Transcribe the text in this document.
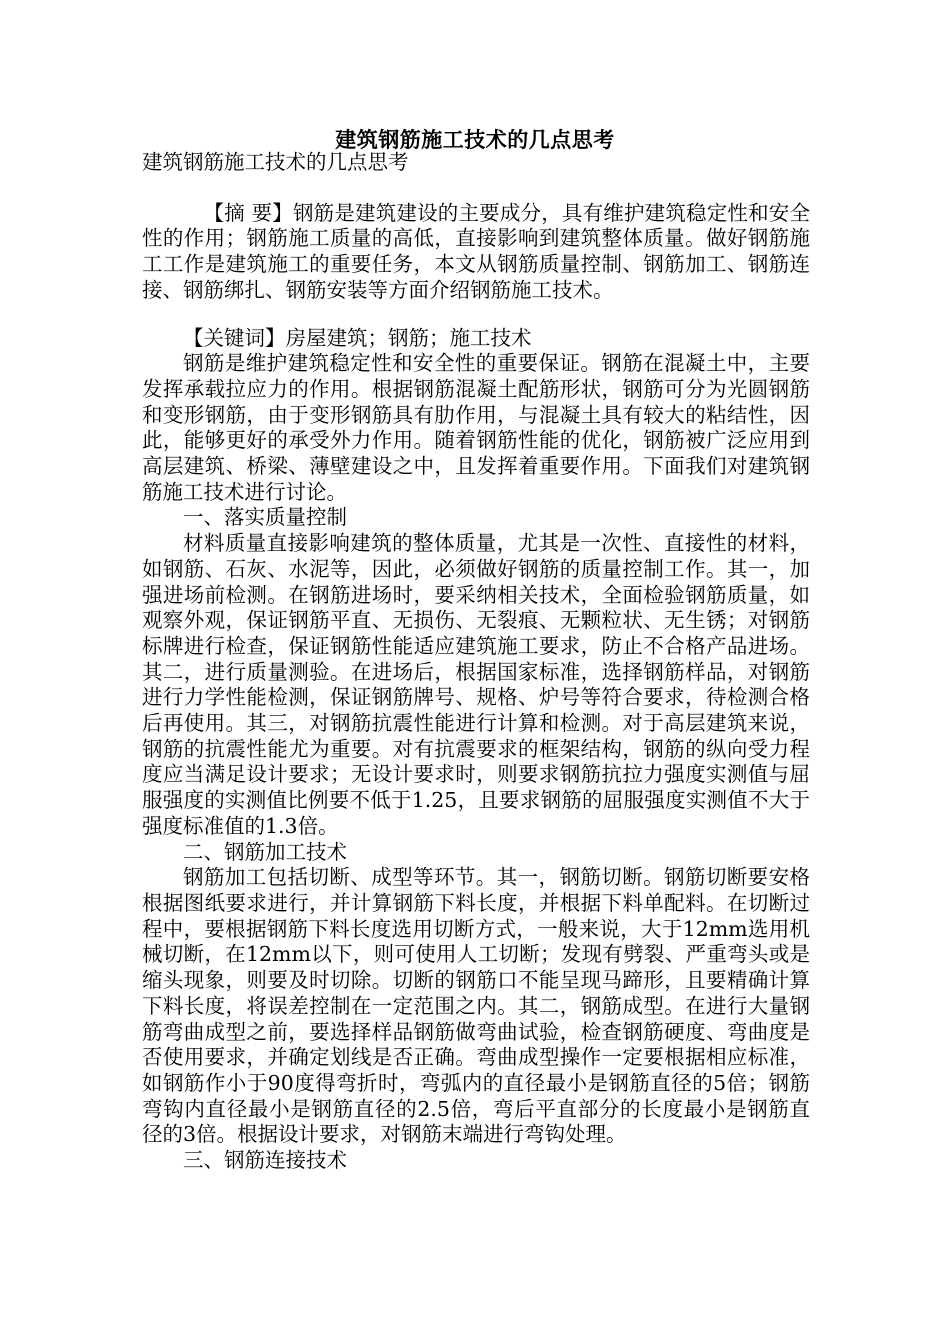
建筑钢筋施工技术的几点思考

建筑钢筋施工技术的几点思考

【摘 要】钢筋是建筑建设的主要成分，具有维护建筑稳定性和安全性的作用；钢筋施工质量的高低，直接影响到建筑整体质量。做好钢筋施工工作是建筑施工的重要任务，本文从钢筋质量控制、钢筋加工、钢筋连接、钢筋绑扎、钢筋安装等方面介绍钢筋施工技术。

【关键词】房屋建筑；钢筋；施工技术

钢筋是维护建筑稳定性和安全性的重要保证。钢筋在混凝土中，主要发挥承载拉应力的作用。根据钢筋混凝土配筋形状，钢筋可分为光圆钢筋和变形钢筋，由于变形钢筋具有肋作用，与混凝土具有较大的粘结性，因此，能够更好的承受外力作用。随着钢筋性能的优化，钢筋被广泛应用到高层建筑、桥梁、薄壁建设之中，且发挥着重要作用。下面我们对建筑钢筋施工技术进行讨论。

一、落实质量控制

材料质量直接影响建筑的整体质量，尤其是一次性、直接性的材料，如钢筋、石灰、水泥等，因此，必须做好钢筋的质量控制工作。其一，加强进场前检测。在钢筋进场时，要采纳相关技术，全面检验钢筋质量，如观察外观，保证钢筋平直、无损伤、无裂痕、无颗粒状、无生锈；对钢筋标牌进行检查，保证钢筋性能适应建筑施工要求，防止不合格产品进场。其二，进行质量测验。在进场后，根据国家标准，选择钢筋样品，对钢筋进行力学性能检测，保证钢筋牌号、规格、炉号等符合要求，待检测合格后再使用。其三，对钢筋抗震性能进行计算和检测。对于高层建筑来说，钢筋的抗震性能尤为重要。对有抗震要求的框架结构，钢筋的纵向受力程度应当满足设计要求；无设计要求时，则要求钢筋抗拉力强度实测值与屈服强度的实测值比例要不低于1.25，且要求钢筋的屈服强度实测值不大于强度标准值的1.3倍。

二、钢筋加工技术

钢筋加工包括切断、成型等环节。其一，钢筋切断。钢筋切断要安格根据图纸要求进行，并计算钢筋下料长度，并根据下料单配料。在切断过程中，要根据钢筋下料长度选用切断方式，一般来说，大于12mm选用机械切断，在12mm以下，则可使用人工切断；发现有劈裂、严重弯头或是缩头现象，则要及时切除。切断的钢筋口不能呈现马蹄形，且要精确计算下料长度，将误差控制在一定范围之内。其二，钢筋成型。在进行大量钢筋弯曲成型之前，要选择样品钢筋做弯曲试验，检查钢筋硬度、弯曲度是否使用要求，并确定划线是否正确。弯曲成型操作一定要根据相应标准，如钢筋作小于90度得弯折时，弯弧内的直径最小是钢筋直径的5倍；钢筋弯钩内直径最小是钢筋直径的2.5倍，弯后平直部分的长度最小是钢筋直径的3倍。根据设计要求，对钢筋末端进行弯钩处理。

三、钢筋连接技术
